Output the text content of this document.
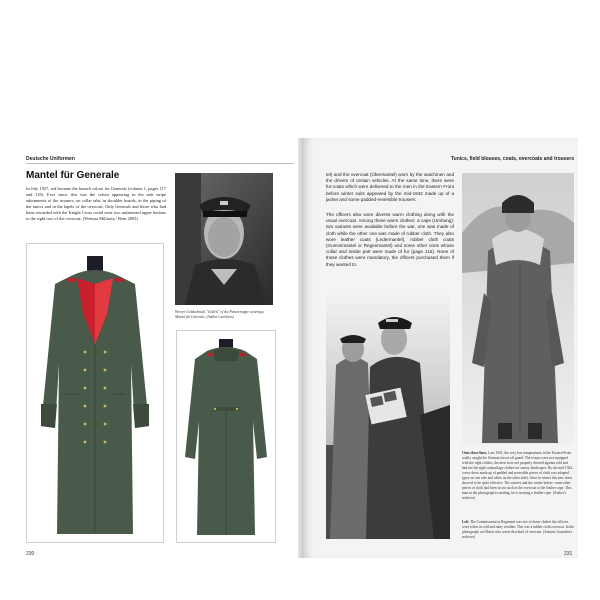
Deutsche Uniformen
Mantel für Generale
In July 1927, red became the branch colour for Generals (volume 1, pages 117 and 118). Ever since, this was the colour appearing in the side stripe adornments of the trousers, on collar tabs, in shoulder boards, in the piping of the tunics and in the lapels of the overcoat. Only Generals and those who had been rewarded with the Knight Cross could wear two unfastened upper buttons to the right row of the overcoat. (Weimar Militaria / Bern 2003)
Werner Goldschmidt, "Gollett" of the Panzertruppe wearing a Mantel für Generale. (Author's archives)
230
Tunics, field blouses, coats, overcoats and trousers
tel) and the overcoat (Übermantel) worn by the watchmen and the drivers of certain vehicles. At the same time, there were fur-coats which were delivered to the men in the Eastern Front before winter suits appeared by the mid-1942 made up of a jacket and some padded-reversible trousers.
The officers also wore diverse warm clothing along with the usual overcoat. Among these warm clothes: a cape (Umhang): two variants were available before the war, one was made of cloth while the other one was made of rubber cloth. They also wore leather coats (Ledermantel), rubber cloth coats (Gummimantel or Regenmantel) and some other ones whose collar and inside part were made of fur (page 115). None of these clothes were mandatory, the officers purchased them if they wanted to.
Onto these lines. Late 1941, the very low temperatures in the Eastern Front totally caught the German forces off guard. The troops were not equipped with the right clothes, the men were not properly dressed against cold and had not the right camouflage clothes for snowy landscapes. By the mid 1942, a new dress made up of padded and reversible pieces of cloth was adopted (grey on one side and white on the other side). Once in winter this new dress showed to be quite effective. The winters and the winter before, some other pieces of cloth had been in use such as the overcoat or the leather cape. This man in the photograph is smiling, he is wearing a leather cape. (Author's archives)
Left. The Commissariat in Regiment was one of those clothes the officers wore when in cold and rainy weather. This was a rubber cloth overcoat. In the photograph, an Oberst who wears that kind of overcoat. (Antonio Gonzalez's archives)
231
